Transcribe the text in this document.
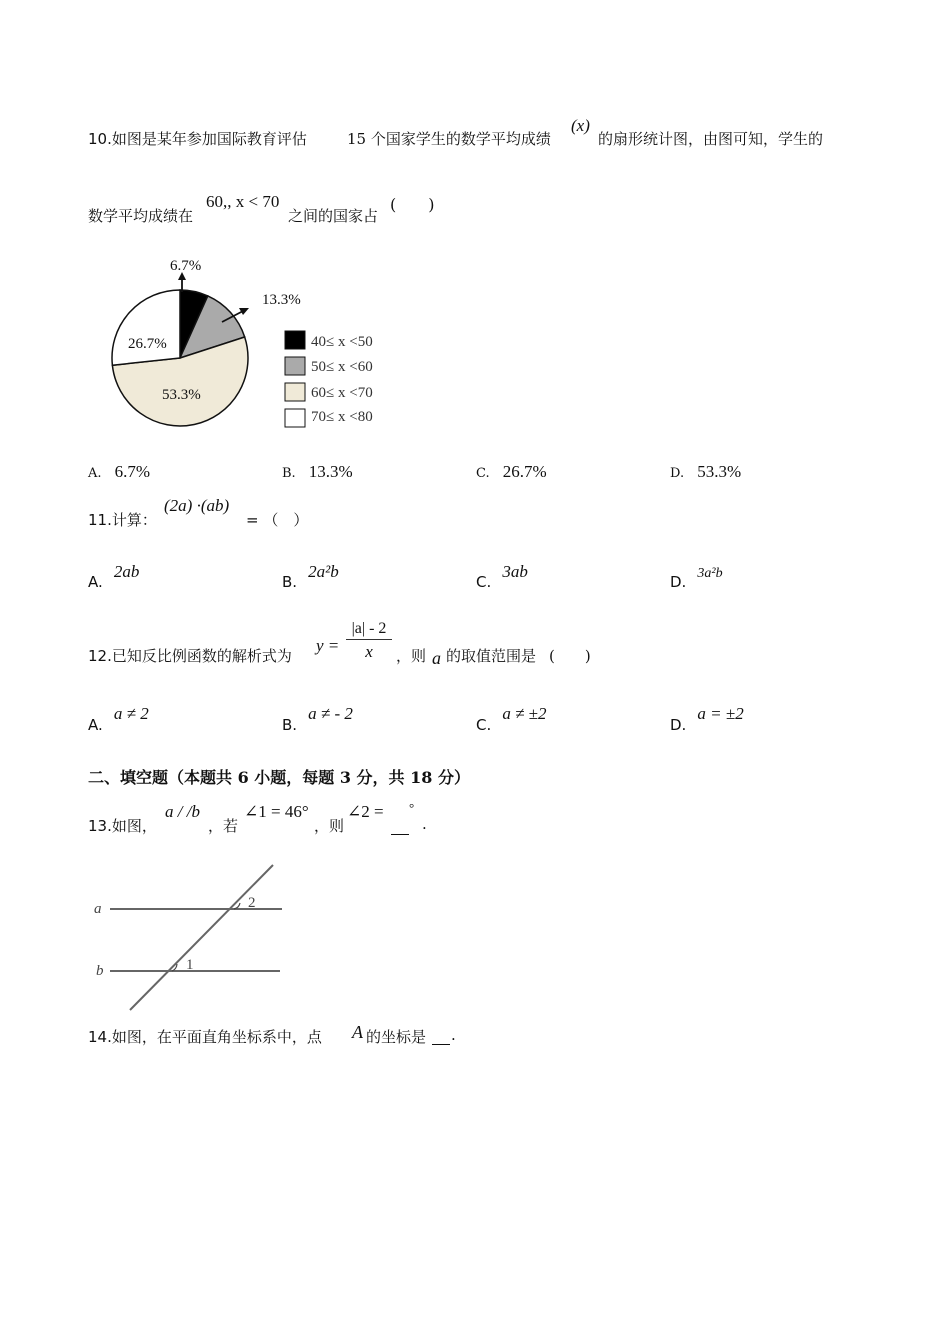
10.如图是某年参加国际教育评估	15 个国家学生的数学平均成绩
(x)
的扇形统计图，由图可知，学生的
数学平均成绩在
60,, x < 70
之间的国家占
(　　)
6.7%
13.3%
53.3%
26.7%	40≤ x <50
50≤ x <60
60≤ x <70
70≤ x <80
A. 6.7%	B. 13.3%	C. 26.7%	D. 53.3%
11.计算：
(2a) ·(ab)
= （　）
A. 2ab
B. 2a²b
C. 3ab
D. 3a²b
12.已知反比例函数的解析式为
$y = \frac{|a| - 2}{x}$ ，则 a 的取值范围是 (　　)
A. a ≠ 2
B. a ≠ - 2
C. a ≠ ±2
D. a = ±2
二、填空题（本题共 6 小题，每题 3 分，共 18 分）
13.如图，
a / /b
，若
∠1 = 46°
，则
∠2 = °
.
a
b
2
1
14.如图，在平面直角坐标系中，点 A 的坐标是 .
